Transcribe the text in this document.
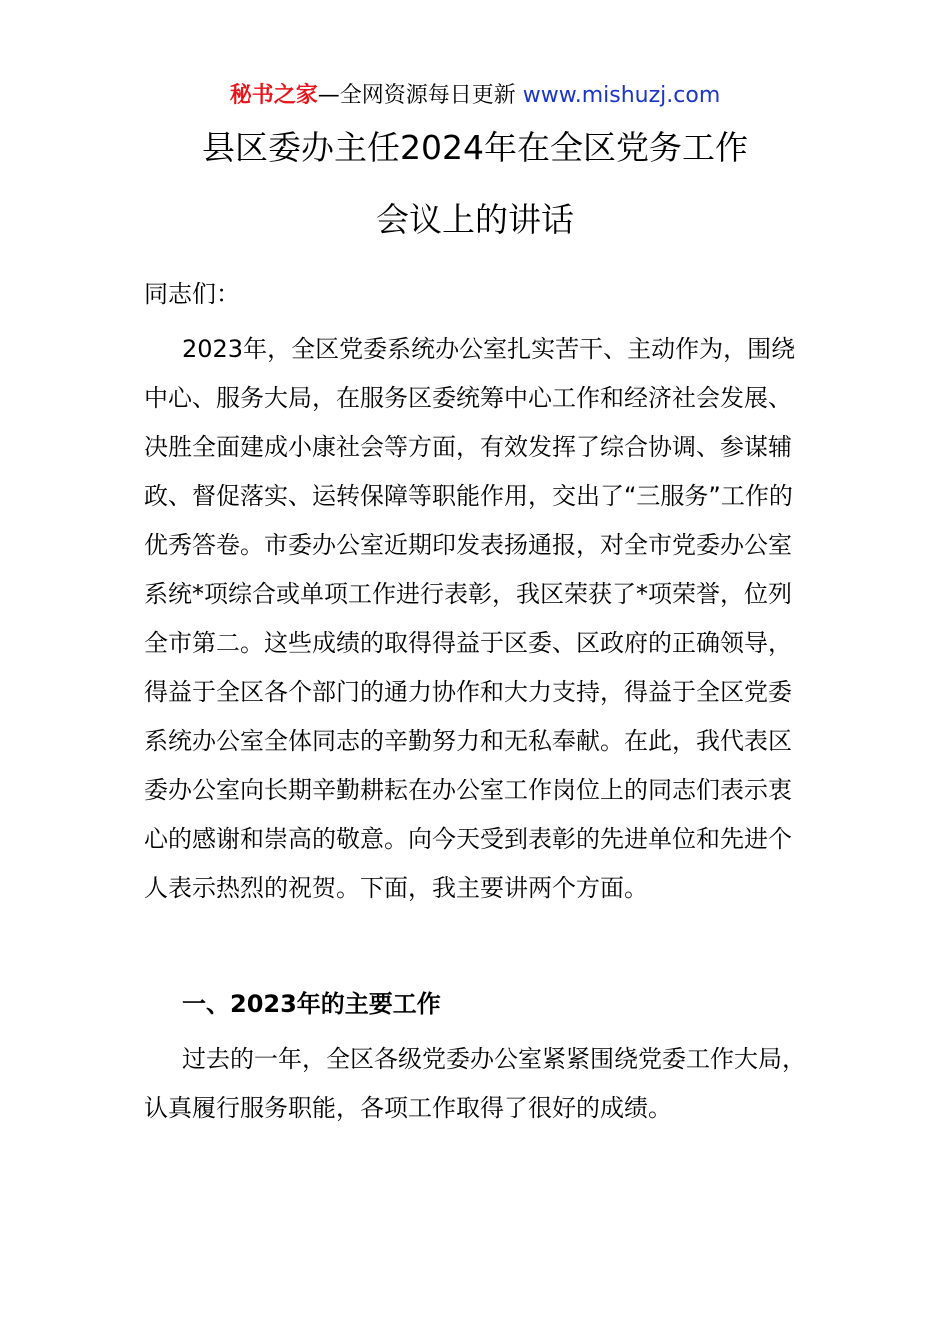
秘书之家—全网资源每日更新 www.mishuzj.com
县区委办主任2024年在全区党务工作
会议上的讲话
同志们：
2023年，全区党委系统办公室扎实苦干、主动作为，围绕中心、服务大局，在服务区委统筹中心工作和经济社会发展、决胜全面建成小康社会等方面，有效发挥了综合协调、参谋辅政、督促落实、运转保障等职能作用，交出了“三服务”工作的优秀答卷。市委办公室近期印发表扬通报，对全市党委办公室系统*项综合或单项工作进行表彰，我区荣获了*项荣誉，位列全市第二。这些成绩的取得得益于区委、区政府的正确领导，得益于全区各个部门的通力协作和大力支持，得益于全区党委系统办公室全体同志的辛勤努力和无私奉献。在此，我代表区委办公室向长期辛勤耕耘在办公室工作岗位上的同志们表示衷心的感谢和崇高的敬意。向今天受到表彰的先进单位和先进个人表示热烈的祝贺。下面，我主要讲两个方面。
一、2023年的主要工作
过去的一年，全区各级党委办公室紧紧围绕党委工作大局，认真履行服务职能，各项工作取得了很好的成绩。
